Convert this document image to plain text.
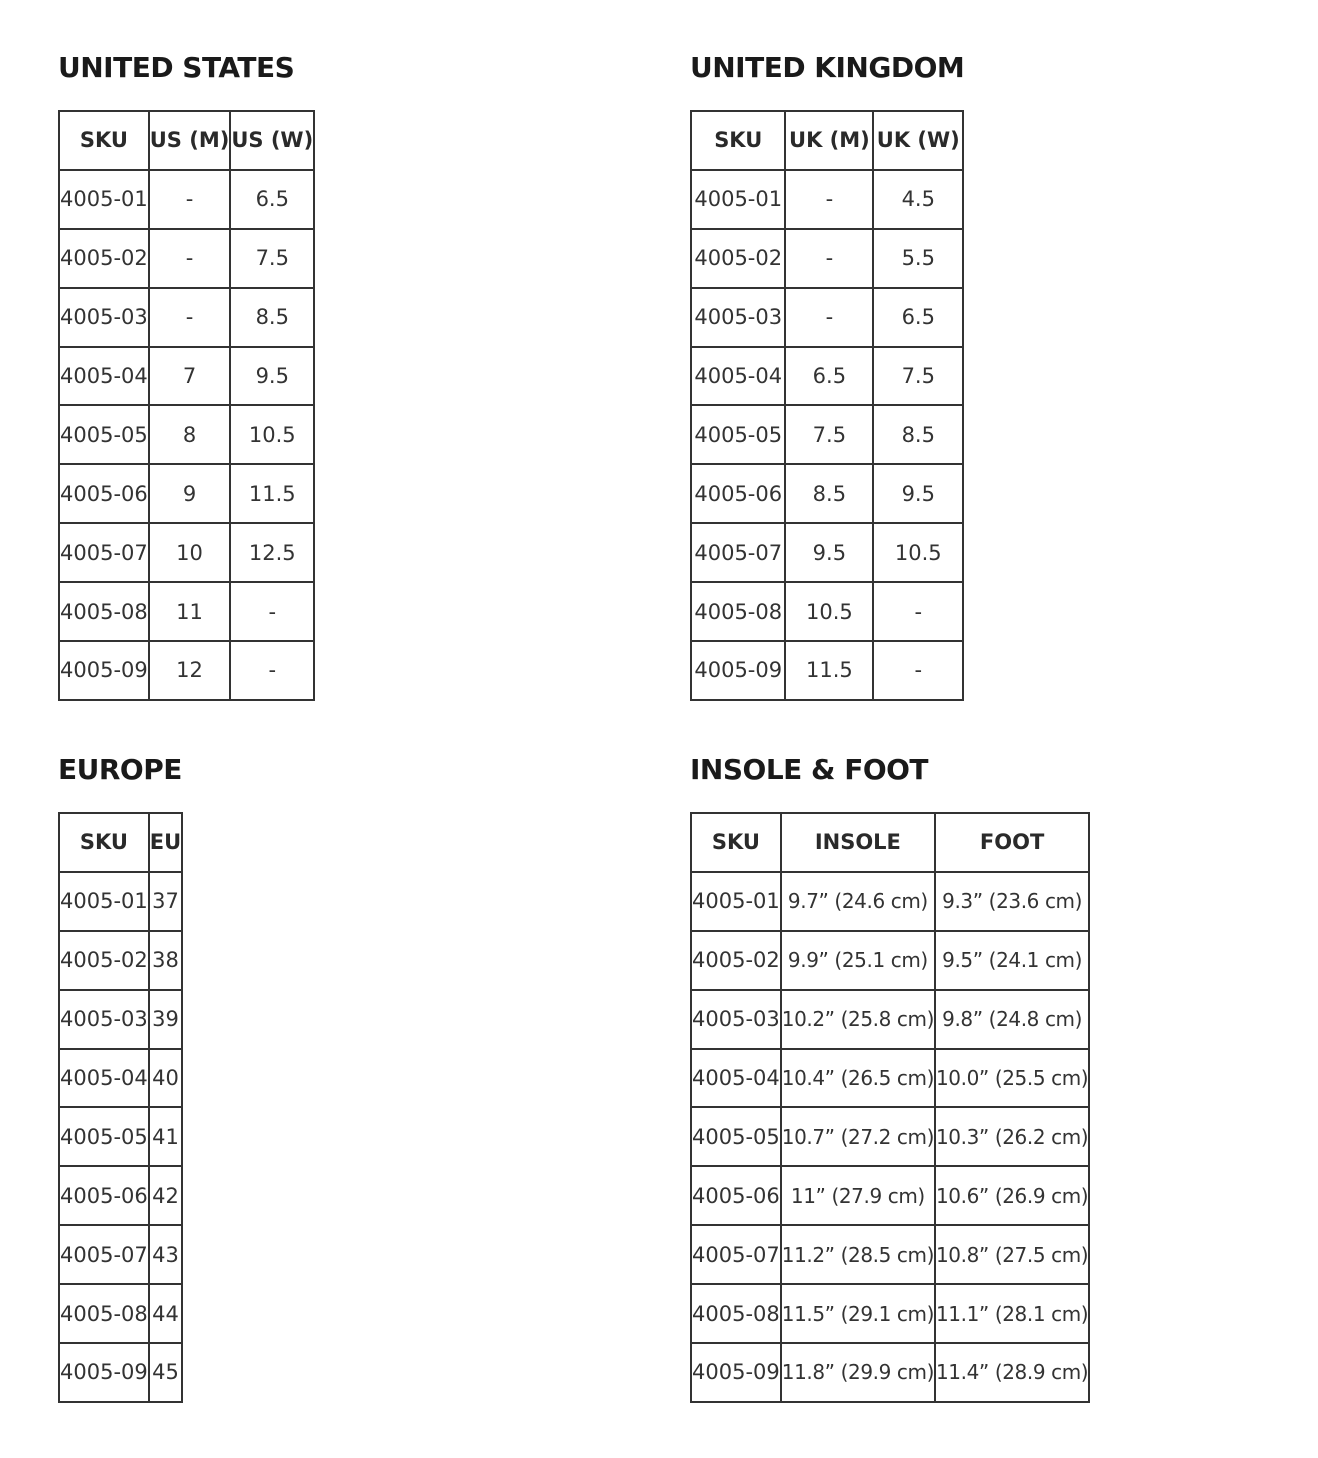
UNITED STATES
SKU	US (M)	US (W)
4005-01	-	6.5
4005-02	-	7.5
4005-03	-	8.5
4005-04	7	9.5
4005-05	8	10.5
4005-06	9	11.5
4005-07	10	12.5
4005-08	11	-
4005-09	12	-
UNITED KINGDOM
SKU	UK (M)	UK (W)
4005-01	-	4.5
4005-02	-	5.5
4005-03	-	6.5
4005-04	6.5	7.5
4005-05	7.5	8.5
4005-06	8.5	9.5
4005-07	9.5	10.5
4005-08	10.5	-
4005-09	11.5	-
EUROPE
SKU	EU
4005-01	37
4005-02	38
4005-03	39
4005-04	40
4005-05	41
4005-06	42
4005-07	43
4005-08	44
4005-09	45
INSOLE & FOOT
SKU	INSOLE	FOOT
4005-01	9.7” (24.6 cm)	9.3” (23.6 cm)
4005-02	9.9” (25.1 cm)	9.5” (24.1 cm)
4005-03	10.2” (25.8 cm)	9.8” (24.8 cm)
4005-04	10.4” (26.5 cm)	10.0” (25.5 cm)
4005-05	10.7” (27.2 cm)	10.3” (26.2 cm)
4005-06	11” (27.9 cm)	10.6” (26.9 cm)
4005-07	11.2” (28.5 cm)	10.8” (27.5 cm)
4005-08	11.5” (29.1 cm)	11.1” (28.1 cm)
4005-09	11.8” (29.9 cm)	11.4” (28.9 cm)
